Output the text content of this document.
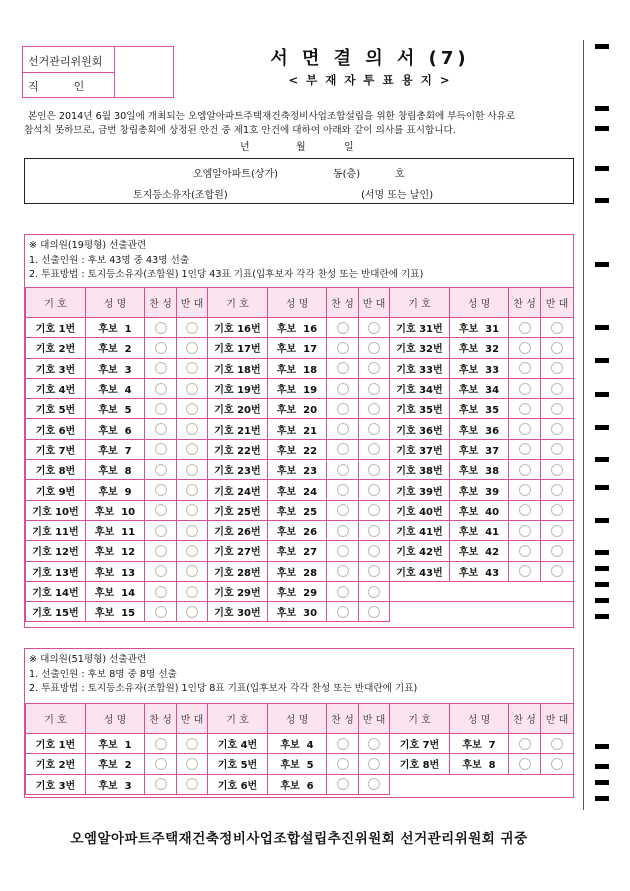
선거관리위원회
직          인
서 면 결 의 서 (7)
< 부 재 자 투 표 용 지 >
본인은 2014년 6월 30일에 개최되는 오엠알아파트주택재건축정비사업조합설립을 위한 창립총회에 부득이한 사유로
참석치 못하므로, 금번 창립총회에 상정된 안건 중 제1호 안건에 대하여 아래와 같이 의사를 표시합니다.
년	월	일
오엠알아파트(상가)	동(층)	호
토지등소유자(조합원)	(서명 또는 날인)
※ 대의원(19평형) 선출관련
1. 선출인원 : 후보 43명 중 43명 선출
2. 투표방법 : 토지등소유자(조합원) 1인당 43표 기표(입후보자 각각 찬성 또는 반대란에 기표)
기 호	성 명	찬 성	반 대	기 호	성 명	찬 성	반 대	기 호	성 명	찬 성	반 대
기호 1번	후보  1			기호 16번	후보  16			기호 31번	후보  31		
기호 2번	후보  2			기호 17번	후보  17			기호 32번	후보  32		
기호 3번	후보  3			기호 18번	후보  18			기호 33번	후보  33		
기호 4번	후보  4			기호 19번	후보  19			기호 34번	후보  34		
기호 5번	후보  5			기호 20번	후보  20			기호 35번	후보  35		
기호 6번	후보  6			기호 21번	후보  21			기호 36번	후보  36		
기호 7번	후보  7			기호 22번	후보  22			기호 37번	후보  37		
기호 8번	후보  8			기호 23번	후보  23			기호 38번	후보  38		
기호 9번	후보  9			기호 24번	후보  24			기호 39번	후보  39		
기호 10번	후보  10			기호 25번	후보  25			기호 40번	후보  40		
기호 11번	후보  11			기호 26번	후보  26			기호 41번	후보  41		
기호 12번	후보  12			기호 27번	후보  27			기호 42번	후보  42		
기호 13번	후보  13			기호 28번	후보  28			기호 43번	후보  43		
기호 14번	후보  14			기호 29번	후보  29						
기호 15번	후보  15			기호 30번	후보  30						
※ 대의원(51평형) 선출관련
1. 선출인원 : 후보 8명 중 8명 선출
2. 투표방법 : 토지등소유자(조합원) 1인당 8표 기표(입후보자 각각 찬성 또는 반대란에 기표)
기 호	성 명	찬 성	반 대	기 호	성 명	찬 성	반 대	기 호	성 명	찬 성	반 대
기호 1번	후보  1			기호 4번	후보  4			기호 7번	후보  7		
기호 2번	후보  2			기호 5번	후보  5			기호 8번	후보  8		
기호 3번	후보  3			기호 6번	후보  6						
오엠알아파트주택재건축정비사업조합설립추진위원회 선거관리위원회 귀중
